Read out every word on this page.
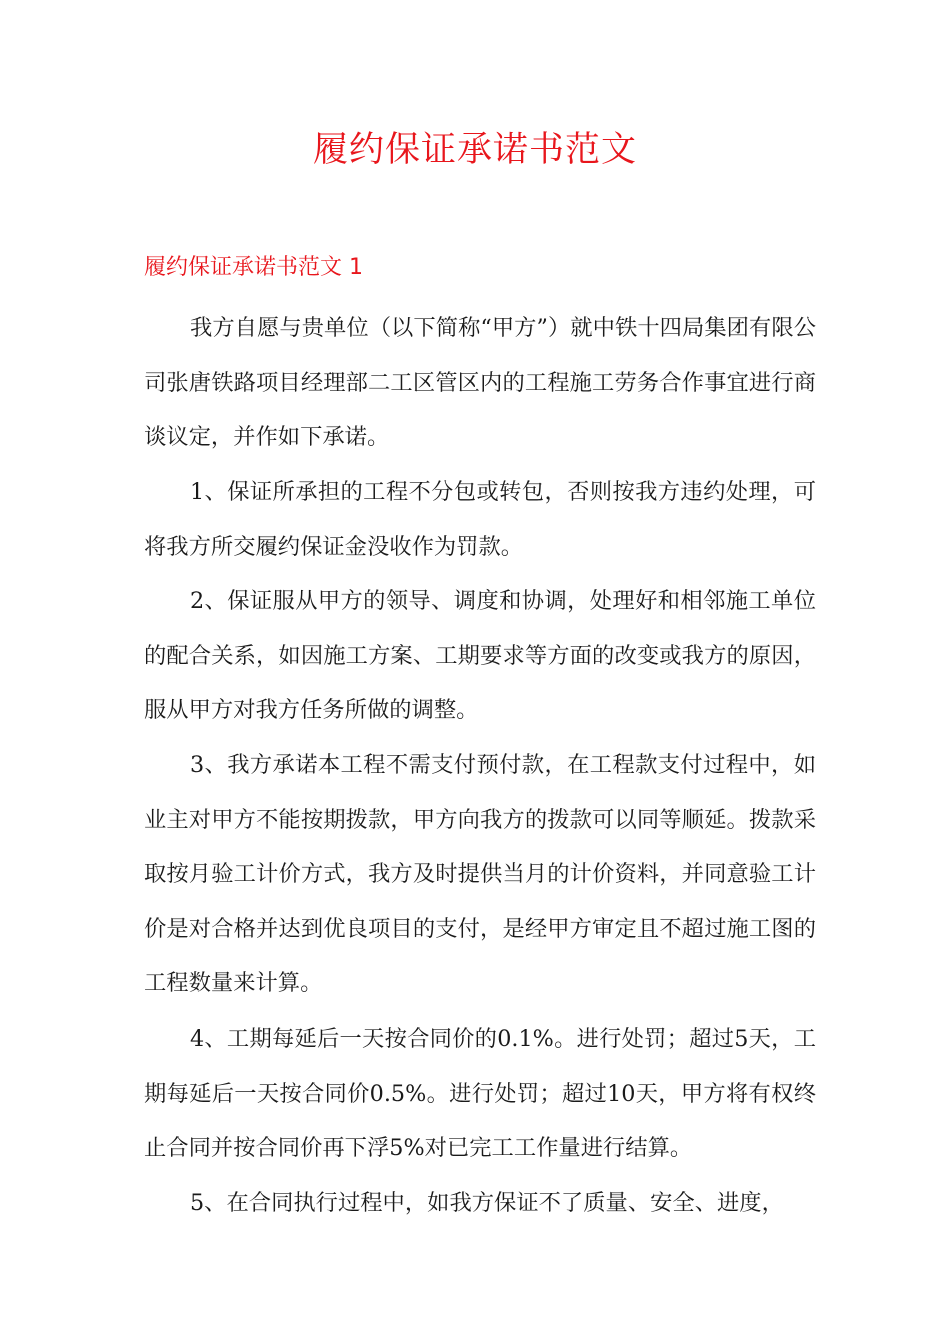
履约保证承诺书范文
履约保证承诺书范文 1

我方自愿与贵单位（以下简称“甲方”）就中铁十四局集团有限公司张唐铁路项目经理部二工区管区内的工程施工劳务合作事宜进行商谈议定，并作如下承诺。

1、保证所承担的工程不分包或转包，否则按我方违约处理，可将我方所交履约保证金没收作为罚款。

2、保证服从甲方的领导、调度和协调，处理好和相邻施工单位的配合关系，如因施工方案、工期要求等方面的改变或我方的原因，服从甲方对我方任务所做的调整。

3、我方承诺本工程不需支付预付款，在工程款支付过程中，如业主对甲方不能按期拨款，甲方向我方的拨款可以同等顺延。拨款采取按月验工计价方式，我方及时提供当月的计价资料，并同意验工计价是对合格并达到优良项目的支付，是经甲方审定且不超过施工图的工程数量来计算。

4、工期每延后一天按合同价的0.1%。进行处罚；超过5天，工期每延后一天按合同价0.5%。进行处罚；超过10天，甲方将有权终止合同并按合同价再下浮5%对已完工工作量进行结算。

5、在合同执行过程中，如我方保证不了质量、安全、进度，
